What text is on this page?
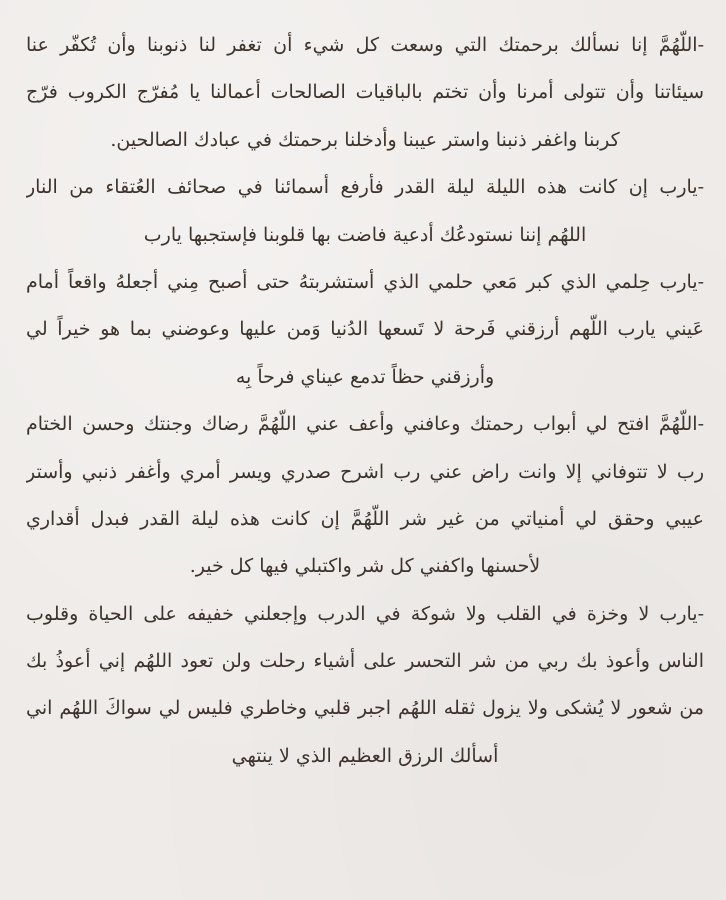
-اللّهُمَّ إنا نسألك برحمتك التي وسعت كل شيء أن تغفر لنا ذنوبنا وأن تُكفّر عنا
سيئاتنا وأن تتولى أمرنا وأن تختم بالباقيات الصالحات أعمالنا يا مُفرّج الكروب فرّج
كربنا واغفر ذنبنا واستر عيبنا وأدخلنا برحمتك في عبادك الصالحين.
-يارب إن كانت هذه الليلة ليلة القدر فأرفع أسمائنا في صحائف العُتقاء من النار
اللهُم إننا نستودعُك أدعية فاضت بها قلوبنا فإستجبها يارب
-يارب حِلمي الذي كبر مَعي حلمي الذي أستشربتهُ حتى أصبح مِني أجعلهُ واقعاً أمام
عَيني يارب اللّهم أرزقني فَرحة لا تَسعها الدُنيا وَمن عليها وعوضني بما هو خيراً لي
وأرزقني حظاً تدمع عيناي فرحاً بِه
-اللّهُمَّ افتح لي أبواب رحمتك وعافني وأعف عني اللّهُمَّ رضاك وجنتك وحسن الختام
رب لا تتوفاني إلا وانت راض عني رب اشرح صدري ويسر أمري وأغفر ذنبي وأستر
عيبي وحقق لي أمنياتي من غير شر اللّهُمَّ إن كانت هذه ليلة القدر فبدل أقداري
لأحسنها واكفني كل شر واكتبلي فيها كل خير.
-يارب لا وخزة في القلب ولا شوكة في الدرب وإجعلني خفيفه على الحياة وقلوب
الناس وأعوذ بك ربي من شر التحسر على أشياء رحلت ولن تعود اللهُم إني أعوذُ بك
من شعور لا يُشكى ولا يزول ثقله اللهُم اجبر قلبي وخاطري فليس لي سواكَ اللهُم اني
أسألك الرزق العظيم الذي لا ينتهي
